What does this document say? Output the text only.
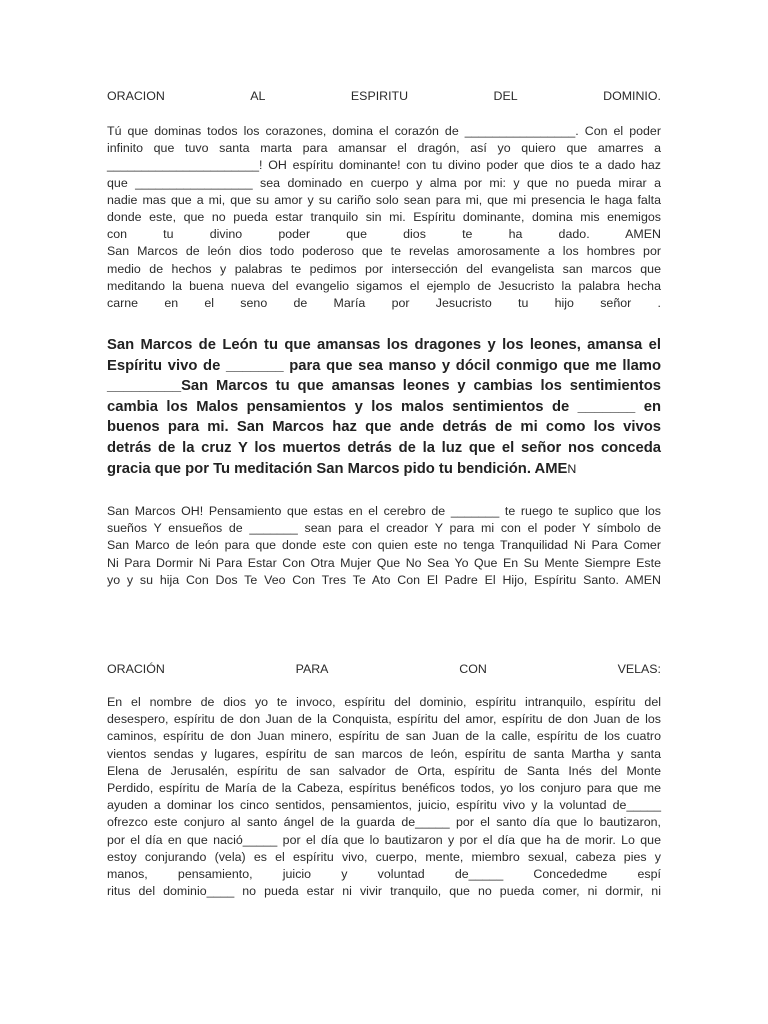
ORACION	AL	ESPIRITU	DEL	DOMINIO.
Tú que dominas todos los corazones, domina el corazón de ________________. Con el poder
infinito que tuvo santa marta para amansar el dragón, así yo quiero que amarres a
______________________! OH espíritu dominante! con tu divino poder que dios te a dado haz
que _________________ sea dominado en cuerpo y alma por mi: y que no pueda mirar a
nadie mas que a mi, que su amor y su cariño solo sean para mi, que mi presencia le haga falta
donde este, que no pueda estar tranquilo sin mi. Espíritu dominante, domina mis enemigos
con tu divino poder que dios te ha dado. AMEN
San Marcos de león dios todo poderoso que te revelas amorosamente a los hombres por
medio de hechos y palabras te pedimos por intersección del evangelista san marcos que
meditando la buena nueva del evangelio sigamos el ejemplo de Jesucristo la palabra hecha
carne en el seno de María por Jesucristo tu hijo señor .
San Marcos de León tu que amansas los dragones y los leones, amansa el
Espíritu vivo de _______ para que sea manso y dócil conmigo que me llamo
_________San Marcos tu que amansas leones y cambias los sentimientos
cambia los Malos pensamientos y los malos sentimientos de _______ en
buenos para mi. San Marcos haz que ande detrás de mi como los vivos
detrás de la cruz Y los muertos detrás de la luz que el señor nos conceda
gracia que por Tu meditación San Marcos pido tu bendición. AMEN
San Marcos OH! Pensamiento que estas en el cerebro de _______ te ruego te suplico que los
sueños Y ensueños de _______ sean para el creador Y para mi con el poder Y símbolo de
San Marco de león para que donde este con quien este no tenga Tranquilidad Ni Para Comer
Ni Para Dormir Ni Para Estar Con Otra Mujer Que No Sea Yo Que En Su Mente Siempre Este
yo y su hija Con Dos Te Veo Con Tres Te Ato Con El Padre El Hijo, Espíritu Santo. AMEN
ORACIÓN	PARA	CON	VELAS:
En el nombre de dios yo te invoco, espíritu del dominio, espíritu intranquilo, espíritu del
desespero, espíritu de don Juan de la Conquista, espíritu del amor, espíritu de don Juan de los
caminos, espíritu de don Juan minero, espíritu de san Juan de la calle, espíritu de los cuatro
vientos sendas y lugares, espíritu de san marcos de león, espíritu de santa Martha y santa
Elena de Jerusalén, espíritu de san salvador de Orta, espíritu de Santa Inés del Monte
Perdido, espíritu de María de la Cabeza, espíritus benéficos todos, yo los conjuro para que me
ayuden a dominar los cinco sentidos, pensamientos, juicio, espíritu vivo y la voluntad de_____
ofrezco este conjuro al santo ángel de la guarda de_____ por el santo día que lo bautizaron,
por el día en que nació_____ por el día que lo bautizaron y por el día que ha de morir. Lo que
estoy conjurando (vela) es el espíritu vivo, cuerpo, mente, miembro sexual, cabeza pies y
manos, pensamiento, juicio y voluntad de_____ Concededme espí
ritus del dominio____ no pueda estar ni vivir tranquilo, que no pueda comer, ni dormir, ni
